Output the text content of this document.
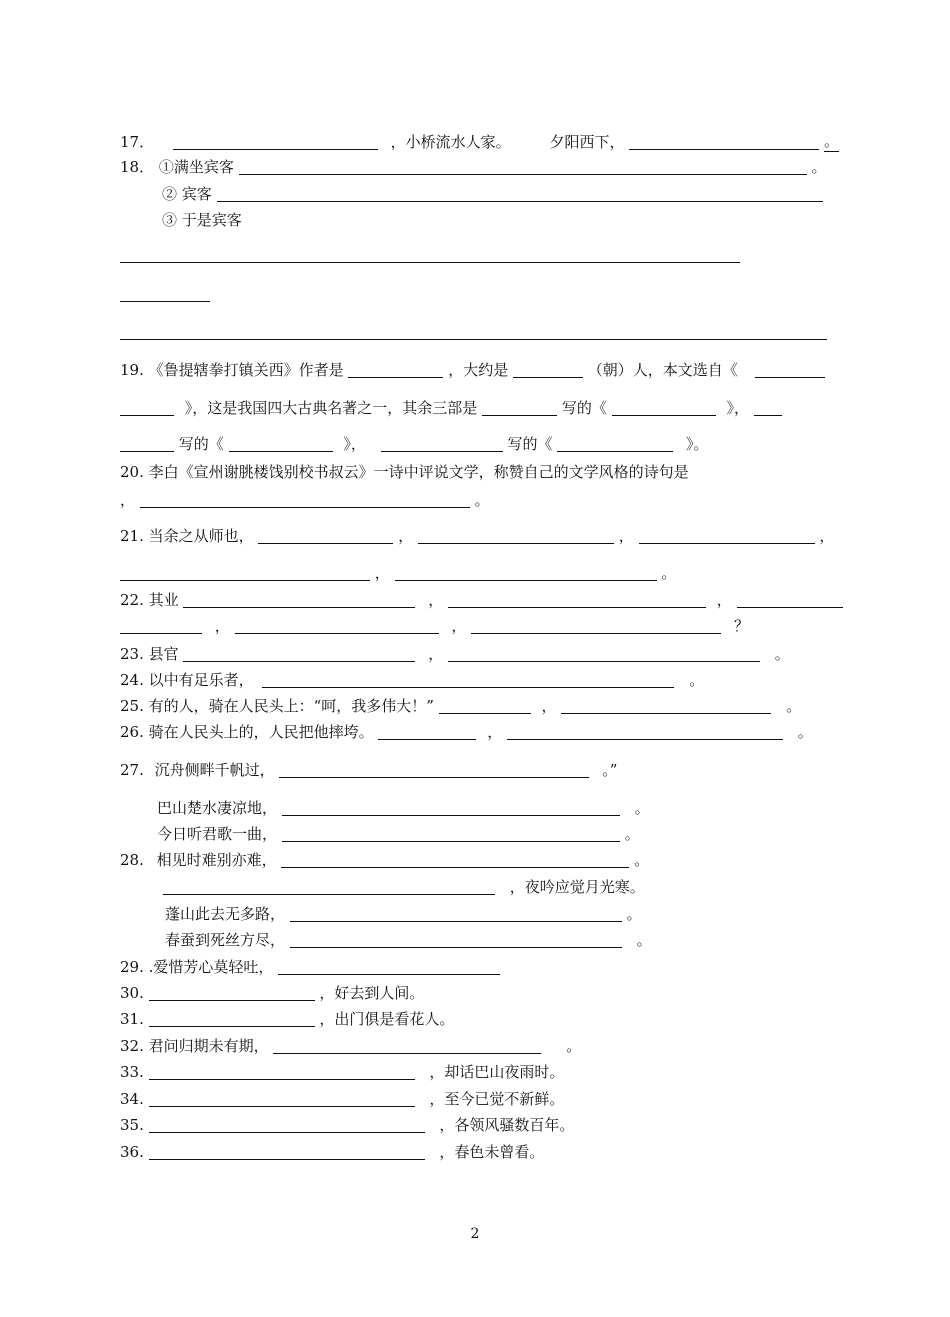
17．	，小桥流水人家。	夕阳西下，	。
18． ①满坐宾客	。
② 宾客
③ 于是宾客
19. 《鲁提辖拳打镇关西》作者是	，大约是	（朝）人，本文选自《
》，这是我国四大古典名著之一，其余三部是	写的《	》，
写的《	》，	写的《	》。
20. 李白《宣州谢朓楼饯别校书叔云》一诗中评说文学，称赞自己的文学风格的诗句是
，	。
21. 当余之从师也，	，	，	，
，	。
22. 其业	，	，
，	，	？
23. 县官	，	。
24. 以中有足乐者，	。
25. 有的人，骑在人民头上：“呵，我多伟大！”	，	。
26. 骑在人民头上的，人民把他摔垮。	，	。
27. 沉舟侧畔千帆过，	。”
巴山楚水凄凉地，	。
今日听君歌一曲，	。
28. 相见时难别亦难，	。
，夜吟应觉月光寒。
蓬山此去无多路，	。
春蚕到死丝方尽，	。
29. .爱惜芳心莫轻吐，
30.	，好去到人间。
31.	，出门俱是看花人。
32. 君问归期未有期，	。
33.	，却话巴山夜雨时。
34.	，至今已觉不新鲜。
35.	，各领风骚数百年。
36.	，春色未曾看。
2
